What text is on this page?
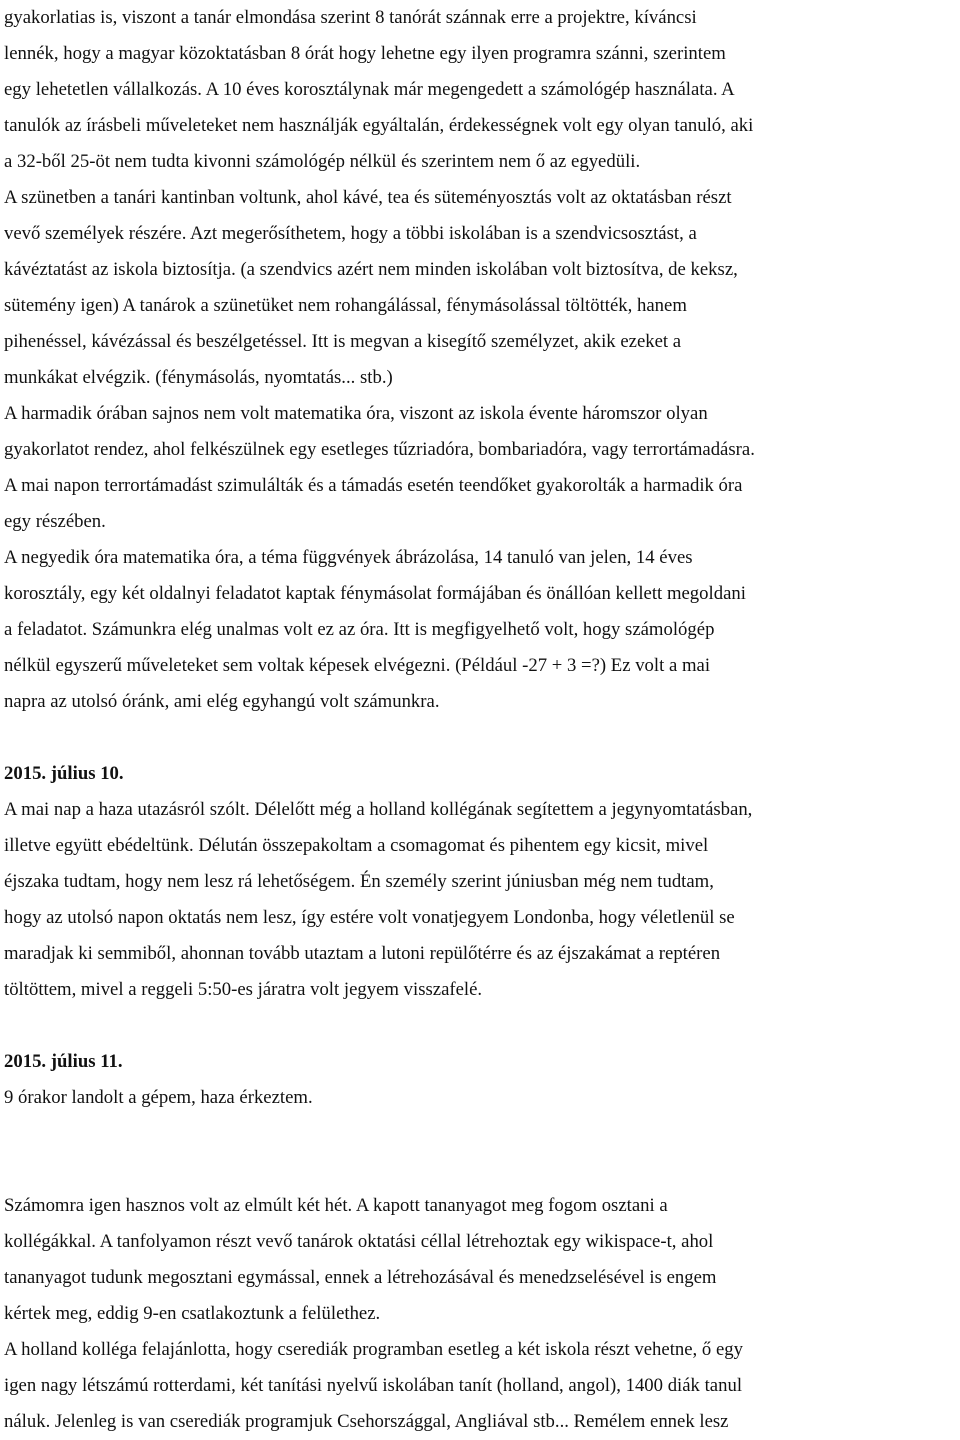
gyakorlatias is, viszont a tanár elmondása szerint 8 tanórát szánnak erre a projektre, kíváncsi
lennék, hogy a magyar közoktatásban 8 órát hogy lehetne egy ilyen programra szánni, szerintem
egy lehetetlen vállalkozás. A 10 éves korosztálynak már megengedett a számológép használata. A
tanulók az írásbeli műveleteket nem használják egyáltalán, érdekességnek volt egy olyan tanuló, aki
a 32-ből 25-öt nem tudta kivonni számológép nélkül és szerintem nem ő az egyedüli.
A szünetben a tanári kantinban voltunk, ahol kávé, tea és süteményosztás volt az oktatásban részt
vevő személyek részére. Azt megerősíthetem, hogy a többi iskolában is a szendvicsosztást, a
kávéztatást az iskola biztosítja. (a szendvics azért nem minden iskolában volt biztosítva, de keksz,
sütemény igen) A tanárok a szünetüket nem rohangálással, fénymásolással töltötték, hanem
pihenéssel, kávézással és beszélgetéssel. Itt is megvan a kisegítő személyzet, akik ezeket a
munkákat elvégzik. (fénymásolás, nyomtatás... stb.)
A harmadik órában sajnos nem volt matematika óra, viszont az iskola évente háromszor olyan
gyakorlatot rendez, ahol felkészülnek egy esetleges tűzriadóra, bombariadóra, vagy terrortámadásra.
A mai napon terrortámadást szimulálták és a támadás esetén teendőket gyakorolták a harmadik óra
egy részében.
A negyedik óra matematika óra, a téma függvények ábrázolása, 14 tanuló van jelen, 14 éves
korosztály, egy két oldalnyi feladatot kaptak fénymásolat formájában és önállóan kellett megoldani
a feladatot. Számunkra elég unalmas volt ez az óra. Itt is megfigyelhető volt, hogy számológép
nélkül egyszerű műveleteket sem voltak képesek elvégezni. (Például -27 + 3 =?) Ez volt a mai
napra az utolsó óránk, ami elég egyhangú volt számunkra.
2015. július 10.
A mai nap a haza utazásról szólt. Délelőtt még a holland kollégának segítettem a jegynyomtatásban,
illetve együtt ebédeltünk. Délután összepakoltam a csomagomat és pihentem egy kicsit, mivel
éjszaka tudtam, hogy nem lesz rá lehetőségem. Én személy szerint júniusban még nem tudtam,
hogy az utolsó napon oktatás nem lesz, így estére volt vonatjegyem Londonba, hogy véletlenül se
maradjak ki semmiből, ahonnan tovább utaztam a lutoni repülőtérre és az éjszakámat a reptéren
töltöttem, mivel a reggeli 5:50-es járatra volt jegyem visszafelé.
2015. július 11.
9 órakor landolt a gépem, haza érkeztem.
Számomra igen hasznos volt az elmúlt két hét. A kapott tananyagot meg fogom osztani a
kollégákkal. A tanfolyamon részt vevő tanárok oktatási céllal létrehoztak egy wikispace-t, ahol
tananyagot tudunk megosztani egymással, ennek a létrehozásával és menedzselésével is engem
kértek meg, eddig 9-en csatlakoztunk a felülethez.
A holland kolléga felajánlotta, hogy cserediák programban esetleg a két iskola részt vehetne, ő egy
igen nagy létszámú rotterdami, két tanítási nyelvű iskolában tanít (holland, angol), 1400 diák tanul
náluk. Jelenleg is van cserediák programjuk Csehországgal, Angliával stb... Remélem ennek lesz
